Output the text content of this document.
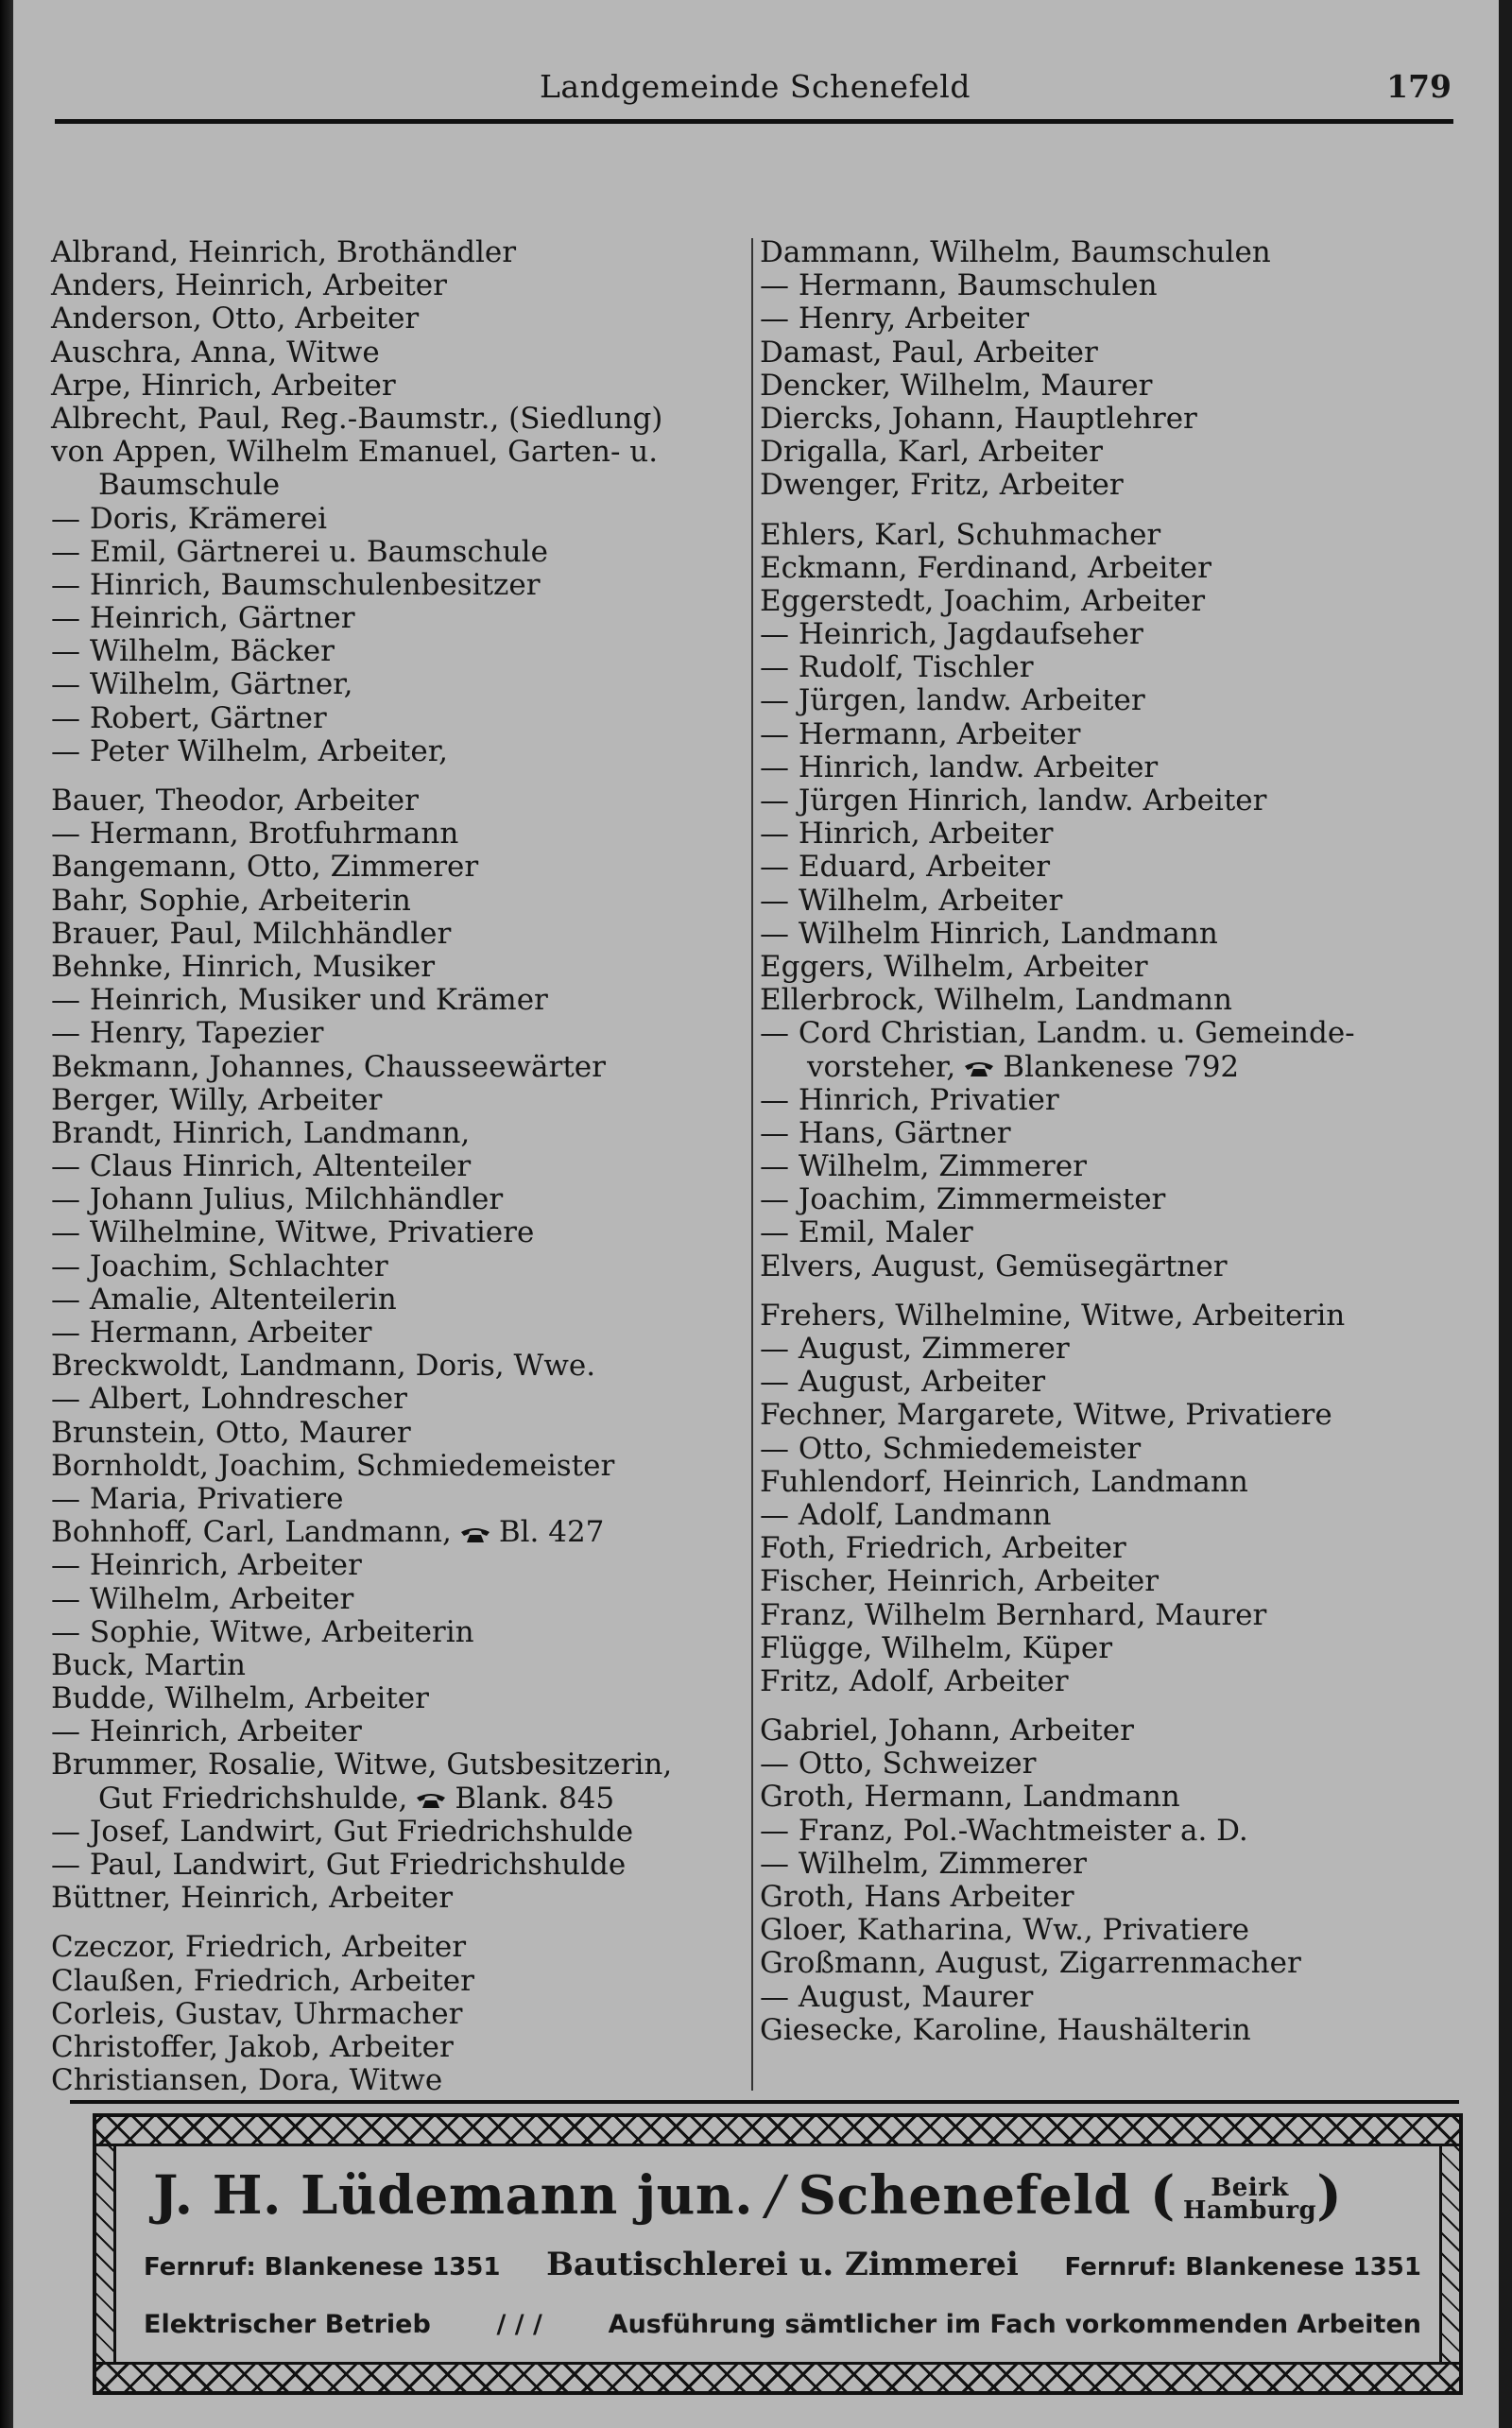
Landgemeinde Schenefeld	179
Albrand, Heinrich, Brothändler
Anders, Heinrich, Arbeiter
Anderson, Otto, Arbeiter
Auschra, Anna, Witwe
Arpe, Hinrich, Arbeiter
Albrecht, Paul, Reg.-Baumstr., (Siedlung)
von Appen, Wilhelm Emanuel, Garten- u.
Baumschule
— Doris, Krämerei
— Emil, Gärtnerei u. Baumschule
— Hinrich, Baumschulenbesitzer
— Heinrich, Gärtner
— Wilhelm, Bäcker
— Wilhelm, Gärtner,
— Robert, Gärtner
— Peter Wilhelm, Arbeiter,
Bauer, Theodor, Arbeiter
— Hermann, Brotfuhrmann
Bangemann, Otto, Zimmerer
Bahr, Sophie, Arbeiterin
Brauer, Paul, Milchhändler
Behnke, Hinrich, Musiker
— Heinrich, Musiker und Krämer
— Henry, Tapezier
Bekmann, Johannes, Chausseewärter
Berger, Willy, Arbeiter
Brandt, Hinrich, Landmann,
— Claus Hinrich, Altenteiler
— Johann Julius, Milchhändler
— Wilhelmine, Witwe, Privatiere
— Joachim, Schlachter
— Amalie, Altenteilerin
— Hermann, Arbeiter
Breckwoldt, Landmann, Doris, Wwe.
— Albert, Lohndrescher
Brunstein, Otto, Maurer
Bornholdt, Joachim, Schmiedemeister
— Maria, Privatiere
Bohnhoff, Carl, Landmann, Bl. 427
— Heinrich, Arbeiter
— Wilhelm, Arbeiter
— Sophie, Witwe, Arbeiterin
Buck, Martin
Budde, Wilhelm, Arbeiter
— Heinrich, Arbeiter
Brummer, Rosalie, Witwe, Gutsbesitzerin,
Gut Friedrichshulde, Blank. 845
— Josef, Landwirt, Gut Friedrichshulde
— Paul, Landwirt, Gut Friedrichshulde
Büttner, Heinrich, Arbeiter
Czeczor, Friedrich, Arbeiter
Claußen, Friedrich, Arbeiter
Corleis, Gustav, Uhrmacher
Christoffer, Jakob, Arbeiter
Christiansen, Dora, Witwe
Dammann, Wilhelm, Baumschulen
— Hermann, Baumschulen
— Henry, Arbeiter
Damast, Paul, Arbeiter
Dencker, Wilhelm, Maurer
Diercks, Johann, Hauptlehrer
Drigalla, Karl, Arbeiter
Dwenger, Fritz, Arbeiter
Ehlers, Karl, Schuhmacher
Eckmann, Ferdinand, Arbeiter
Eggerstedt, Joachim, Arbeiter
— Heinrich, Jagdaufseher
— Rudolf, Tischler
— Jürgen, landw. Arbeiter
— Hermann, Arbeiter
— Hinrich, landw. Arbeiter
— Jürgen Hinrich, landw. Arbeiter
— Hinrich, Arbeiter
— Eduard, Arbeiter
— Wilhelm, Arbeiter
— Wilhelm Hinrich, Landmann
Eggers, Wilhelm, Arbeiter
Ellerbrock, Wilhelm, Landmann
— Cord Christian, Landm. u. Gemeinde-
vorsteher, Blankenese 792
— Hinrich, Privatier
— Hans, Gärtner
— Wilhelm, Zimmerer
— Joachim, Zimmermeister
— Emil, Maler
Elvers, August, Gemüsegärtner
Frehers, Wilhelmine, Witwe, Arbeiterin
— August, Zimmerer
— August, Arbeiter
Fechner, Margarete, Witwe, Privatiere
— Otto, Schmiedemeister
Fuhlendorf, Heinrich, Landmann
— Adolf, Landmann
Foth, Friedrich, Arbeiter
Fischer, Heinrich, Arbeiter
Franz, Wilhelm Bernhard, Maurer
Flügge, Wilhelm, Küper
Fritz, Adolf, Arbeiter
Gabriel, Johann, Arbeiter
— Otto, Schweizer
Groth, Hermann, Landmann
— Franz, Pol.-Wachtmeister a. D.
— Wilhelm, Zimmerer
Groth, Hans Arbeiter
Gloer, Katharina, Ww., Privatiere
Großmann, August, Zigarrenmacher
— August, Maurer
Giesecke, Karoline, Haushälterin
J. H. Lüdemann jun. / Schenefeld ( Beirk
Hamburg)
Fernruf: Blankenese 1351 Bautischlerei u. Zimmerei Fernruf: Blankenese 1351
Elektrischer Betrieb	/ / /	Ausführung sämtlicher im Fach vorkommenden Arbeiten
